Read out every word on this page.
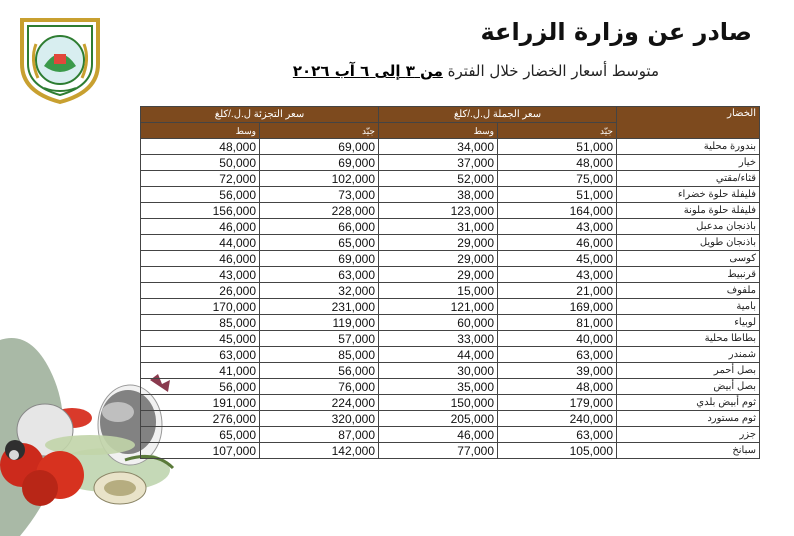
صادر عن وزارة الزراعة
متوسط أسعار الخضار خلال الفترة من ٣ إلى ٦ آب ٢٠٢٦
سعر التجزئة ل.ل./كلغ		سعر الجملة ل.ل./كلغ		الخضار
وسط	جيّد	وسط	جيّد	
48,000	69,000	34,000	51,000	بندورة محلية
50,000	69,000	37,000	48,000	خيار
72,000	102,000	52,000	75,000	قثاء/مقتي
56,000	73,000	38,000	51,000	فليفلة حلوة خضراء
156,000	228,000	123,000	164,000	فليفلة حلوة ملونة
46,000	66,000	31,000	43,000	باذنجان مدعبل
44,000	65,000	29,000	46,000	باذنجان طويل
46,000	69,000	29,000	45,000	كوسى
43,000	63,000	29,000	43,000	قرنبيط
26,000	32,000	15,000	21,000	ملفوف
170,000	231,000	121,000	169,000	بامية
85,000	119,000	60,000	81,000	لوبياء
45,000	57,000	33,000	40,000	بطاطا محلية
63,000	85,000	44,000	63,000	شمندر
41,000	56,000	30,000	39,000	بصل أحمر
56,000	76,000	35,000	48,000	بصل أبيض
191,000	224,000	150,000	179,000	ثوم أبيض بلدي
276,000	320,000	205,000	240,000	ثوم مستورد
65,000	87,000	46,000	63,000	جزر
107,000	142,000	77,000	105,000	سبانخ
